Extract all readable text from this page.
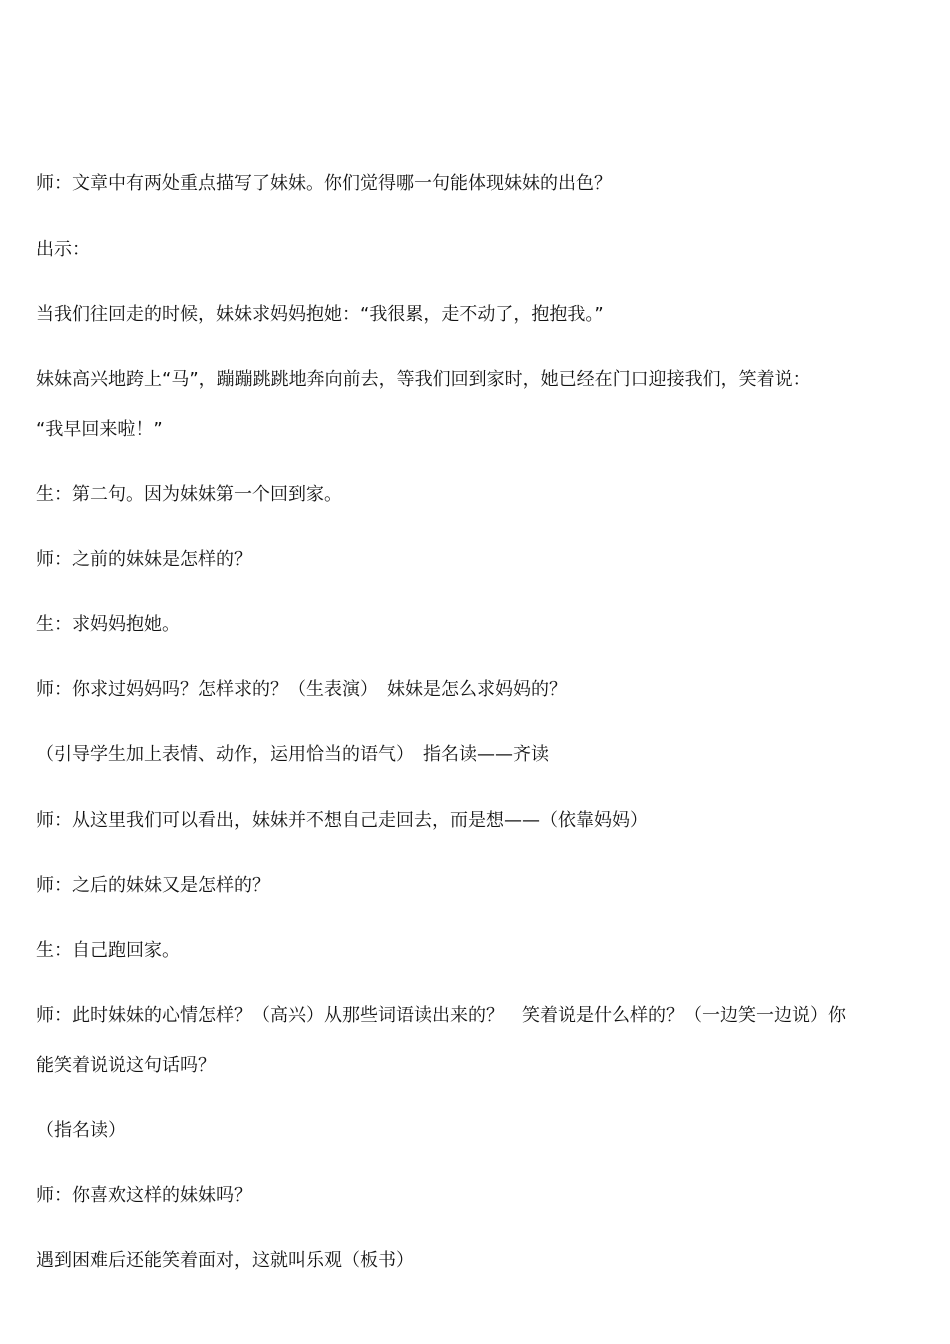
师：文章中有两处重点描写了妹妹。你们觉得哪一句能体现妹妹的出色？
出示：
当我们往回走的时候，妹妹求妈妈抱她：“我很累，走不动了，抱抱我。”
妹妹高兴地跨上“马”，蹦蹦跳跳地奔向前去，等我们回到家时，她已经在门口迎接我们，笑着说：
“我早回来啦！”
生：第二句。因为妹妹第一个回到家。
师：之前的妹妹是怎样的？
生：求妈妈抱她。
师：你求过妈妈吗？怎样求的？（生表演）　妹妹是怎么求妈妈的？
（引导学生加上表情、动作，运用恰当的语气）　指名读——齐读
师：从这里我们可以看出，妹妹并不想自己走回去，而是想——（依靠妈妈）
师：之后的妹妹又是怎样的？
生：自己跑回家。
师：此时妹妹的心情怎样？（高兴）从那些词语读出来的？　笑着说是什么样的？（一边笑一边说）你
能笑着说说这句话吗？
（指名读）
师：你喜欢这样的妹妹吗？
遇到困难后还能笑着面对，这就叫乐观（板书）
